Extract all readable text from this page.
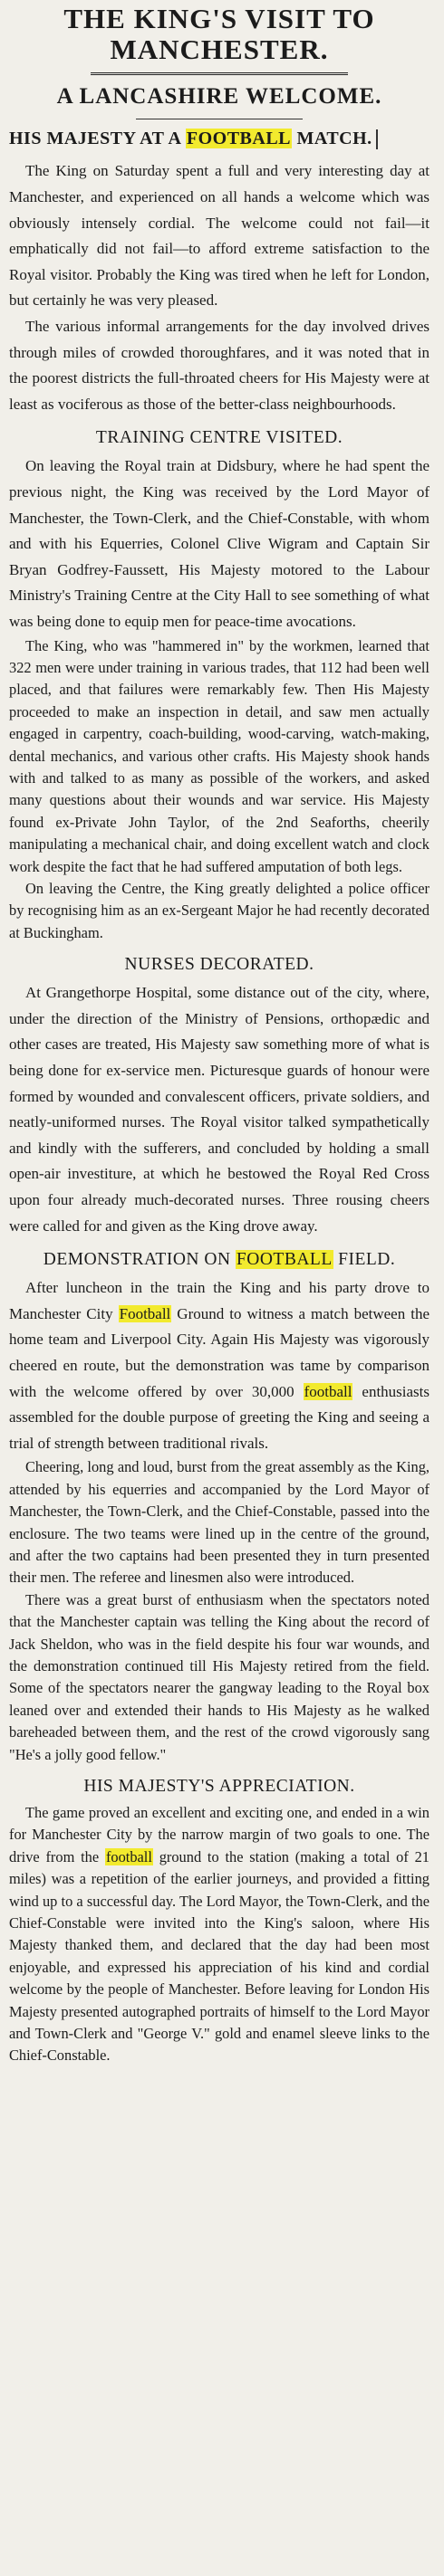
THE KING'S VISIT TO
MANCHESTER.
A LANCASHIRE WELCOME.
HIS MAJESTY AT A FOOTBALL MATCH.

The King on Saturday spent a full and very interesting day at Manchester, and experienced on all hands a welcome which was obviously intensely cordial. The welcome could not fail—it emphatically did not fail—to afford extreme satisfaction to the Royal visitor. Probably the King was tired when he left for London, but certainly he was very pleased.

The various informal arrangements for the day involved drives through miles of crowded thoroughfares, and it was noted that in the poorest districts the full-throated cheers for His Majesty were at least as vociferous as those of the better-class neighbourhoods.

TRAINING CENTRE VISITED.

On leaving the Royal train at Didsbury, where he had spent the previous night, the King was received by the Lord Mayor of Manchester, the Town-Clerk, and the Chief-Constable, with whom and with his Equerries, Colonel Clive Wigram and Captain Sir Bryan Godfrey-Faussett, His Majesty motored to the Labour Ministry's Training Centre at the City Hall to see something of what was being done to equip men for peace-time avocations.

The King, who was "hammered in" by the workmen, learned that 322 men were under training in various trades, that 112 had been well placed, and that failures were remarkably few. Then His Majesty proceeded to make an inspection in detail, and saw men actually engaged in carpentry, coach-building, wood-carving, watch-making, dental mechanics, and various other crafts. His Majesty shook hands with and talked to as many as possible of the workers, and asked many questions about their wounds and war service. His Majesty found ex-Private John Taylor, of the 2nd Seaforths, cheerily manipulating a mechanical chair, and doing excellent watch and clock work despite the fact that he had suffered amputation of both legs.

On leaving the Centre, the King greatly delighted a police officer by recognising him as an ex-Sergeant Major he had recently decorated at Buckingham.

NURSES DECORATED.

At Grangethorpe Hospital, some distance out of the city, where, under the direction of the Ministry of Pensions, orthopædic and other cases are treated, His Majesty saw something more of what is being done for ex-service men. Picturesque guards of honour were formed by wounded and convalescent officers, private soldiers, and neatly-uniformed nurses. The Royal visitor talked sympathetically and kindly with the sufferers, and concluded by holding a small open-air investiture, at which he bestowed the Royal Red Cross upon four already much-decorated nurses. Three rousing cheers were called for and given as the King drove away.

DEMONSTRATION ON FOOTBALL FIELD.

After luncheon in the train the King and his party drove to Manchester City Football Ground to witness a match between the home team and Liverpool City. Again His Majesty was vigorously cheered en route, but the demonstration was tame by comparison with the welcome offered by over 30,000 football enthusiasts assembled for the double purpose of greeting the King and seeing a trial of strength between traditional rivals.

Cheering, long and loud, burst from the great assembly as the King, attended by his equerries and accompanied by the Lord Mayor of Manchester, the Town-Clerk, and the Chief-Constable, passed into the enclosure. The two teams were lined up in the centre of the ground, and after the two captains had been presented they in turn presented their men. The referee and linesmen also were introduced.

There was a great burst of enthusiasm when the spectators noted that the Manchester captain was telling the King about the record of Jack Sheldon, who was in the field despite his four war wounds, and the demonstration continued till His Majesty retired from the field. Some of the spectators nearer the gangway leading to the Royal box leaned over and extended their hands to His Majesty as he walked bareheaded between them, and the rest of the crowd vigorously sang "He's a jolly good fellow."

HIS MAJESTY'S APPRECIATION.

The game proved an excellent and exciting one, and ended in a win for Manchester City by the narrow margin of two goals to one. The drive from the football ground to the station (making a total of 21 miles) was a repetition of the earlier journeys, and provided a fitting wind up to a successful day. The Lord Mayor, the Town-Clerk, and the Chief-Constable were invited into the King's saloon, where His Majesty thanked them, and declared that the day had been most enjoyable, and expressed his appreciation of his kind and cordial welcome by the people of Manchester. Before leaving for London His Majesty presented autographed portraits of himself to the Lord Mayor and Town-Clerk and "George V." gold and enamel sleeve links to the Chief-Constable.
